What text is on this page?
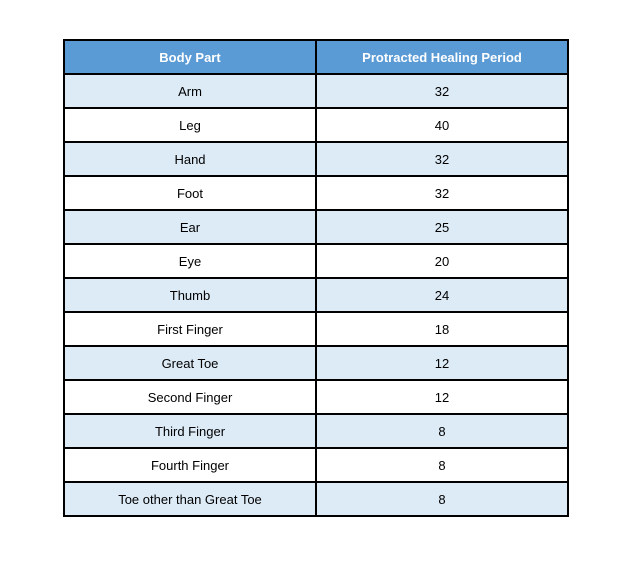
Body Part	Protracted Healing Period
Arm	32
Leg	40
Hand	32
Foot	32
Ear	25
Eye	20
Thumb	24
First Finger	18
Great Toe	12
Second Finger	12
Third Finger	8
Fourth Finger	8
Toe other than Great Toe	8
